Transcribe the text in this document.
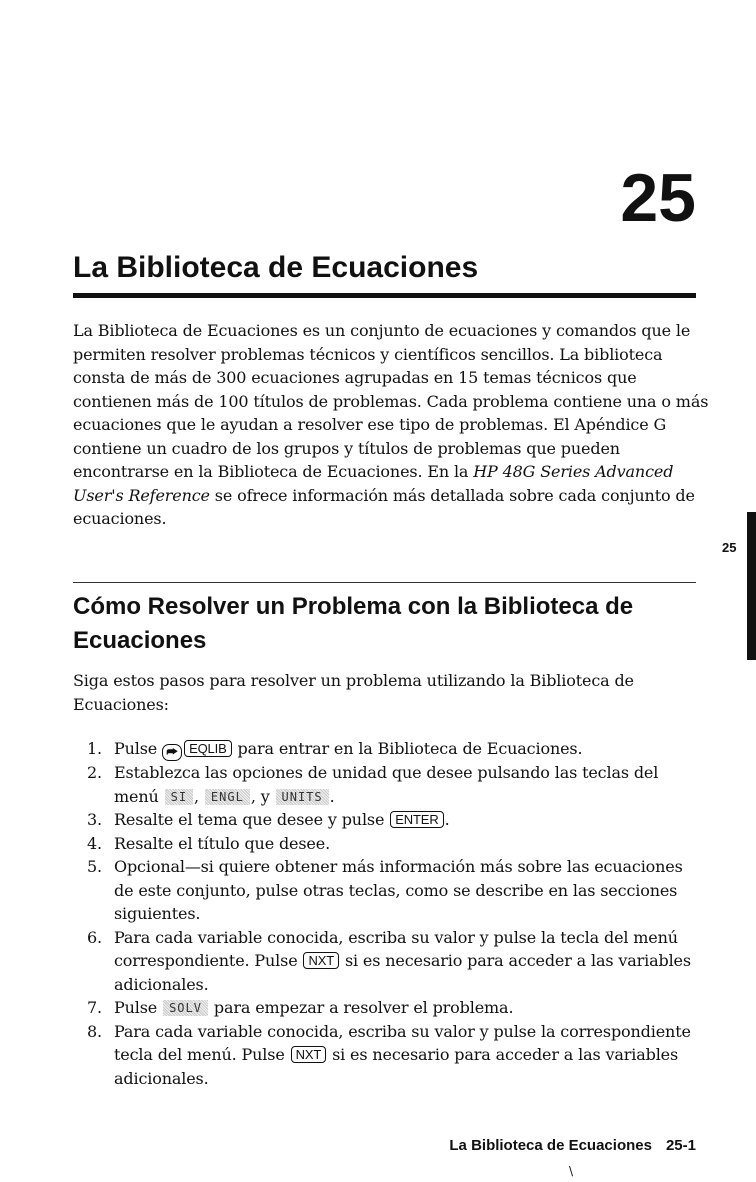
25
La Biblioteca de Ecuaciones

La Biblioteca de Ecuaciones es un conjunto de ecuaciones y comandos que le permiten resolver problemas técnicos y científicos sencillos. La biblioteca consta de más de 300 ecuaciones agrupadas en 15 temas técnicos que contienen más de 100 títulos de problemas. Cada problema contiene una o más ecuaciones que le ayudan a resolver ese tipo de problemas. El Apéndice G contiene un cuadro de los grupos y títulos de problemas que pueden encontrarse en la Biblioteca de Ecuaciones. En la HP 48G Series Advanced User's Reference se ofrece información más detallada sobre cada conjunto de ecuaciones.

25
Cómo Resolver un Problema con la Biblioteca de Ecuaciones

Siga estos pasos para resolver un problema utilizando la Biblioteca de Ecuaciones:

1. Pulse ⮫ EQLIB para entrar en la Biblioteca de Ecuaciones.
2. Establezca las opciones de unidad que desee pulsando las teclas del menú SI , ENGL , y UNITS .
3. Resalte el tema que desee y pulse ENTER .
4. Resalte el título que desee.
5. Opcional—si quiere obtener más información más sobre las ecuaciones de este conjunto, pulse otras teclas, como se describe en las secciones siguientes.
6. Para cada variable conocida, escriba su valor y pulse la tecla del menú correspondiente. Pulse NXT si es necesario para acceder a las variables adicionales.
7. Pulse SOLV para empezar a resolver el problema.
8. Para cada variable conocida, escriba su valor y pulse la correspondiente tecla del menú. Pulse NXT si es necesario para acceder a las variables adicionales.
La Biblioteca de Ecuaciones 25-1
\
